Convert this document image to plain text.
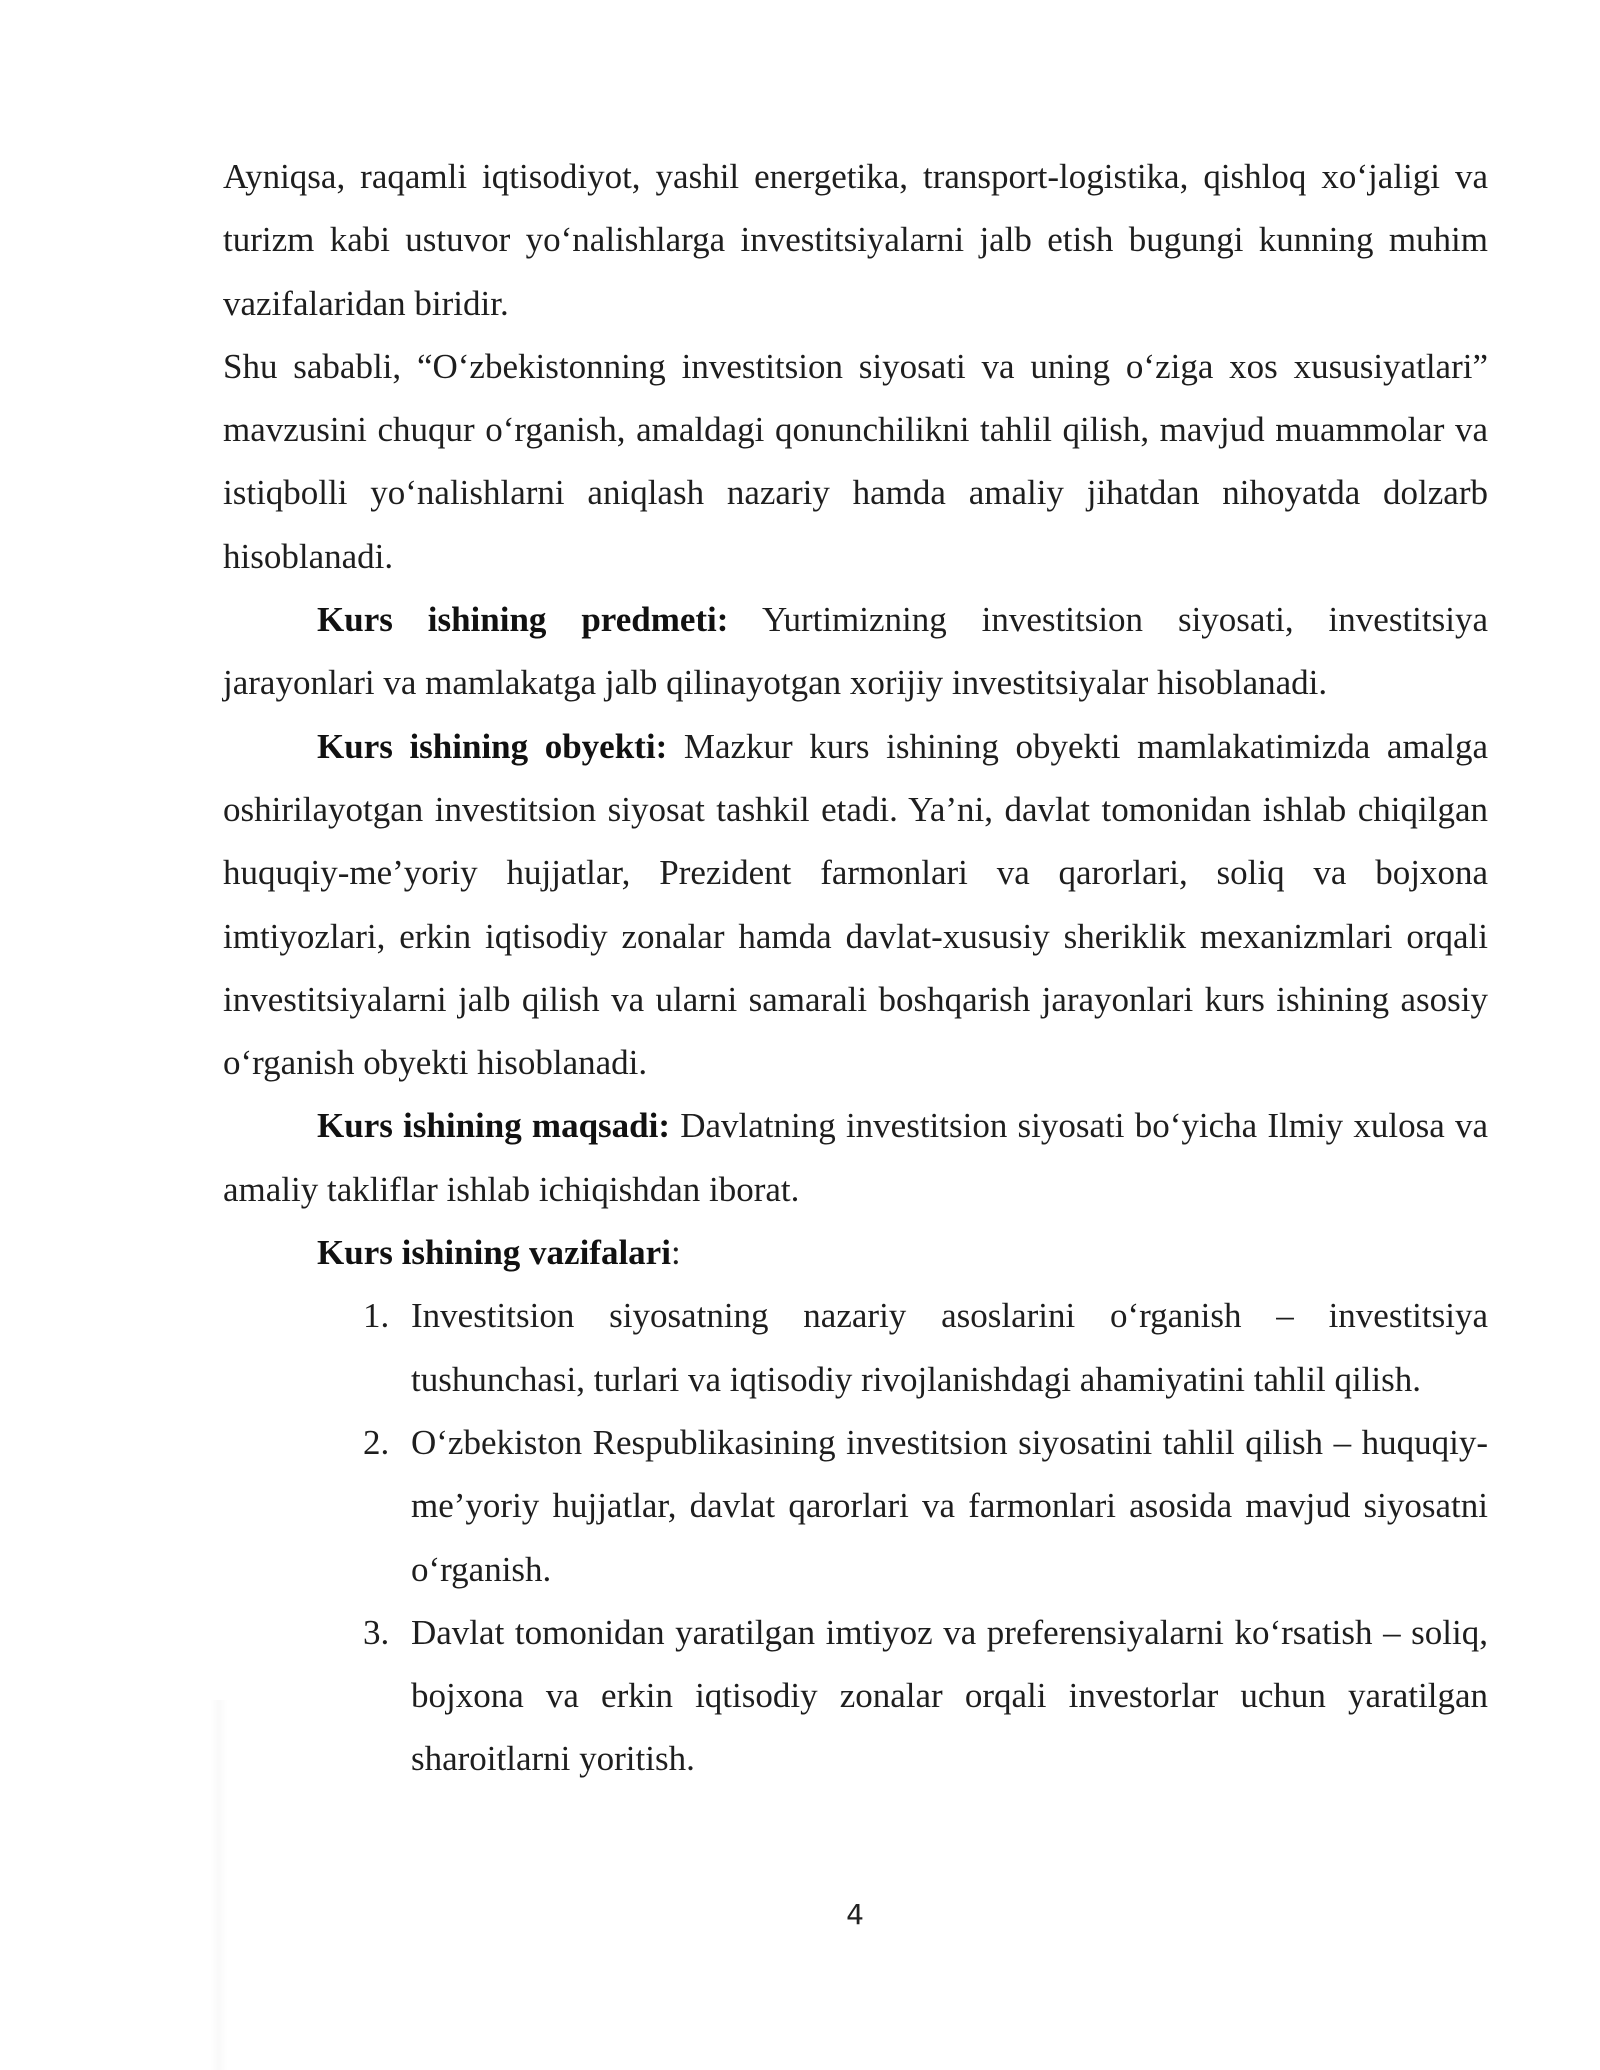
Ayniqsa, raqamli iqtisodiyot, yashil energetika, transport-logistika, qishloq xo‘jaligi va turizm kabi ustuvor yo‘nalishlarga investitsiyalarni jalb etish bugungi kunning muhim vazifalaridan biridir.

Shu sababli, “O‘zbekistonning investitsion siyosati va uning o‘ziga xos xususiyatlari” mavzusini chuqur o‘rganish, amaldagi qonunchilikni tahlil qilish, mavjud muammolar va istiqbolli yo‘nalishlarni aniqlash nazariy hamda amaliy jihatdan nihoyatda dolzarb hisoblanadi.

Kurs ishining predmeti: Yurtimizning investitsion siyosati, investitsiya jarayonlari va mamlakatga jalb qilinayotgan xorijiy investitsiyalar hisoblanadi.

Kurs ishining obyekti: Mazkur kurs ishining obyekti mamlakatimizda amalga oshirilayotgan investitsion siyosat tashkil etadi. Ya’ni, davlat tomonidan ishlab chiqilgan huquqiy-me’yoriy hujjatlar, Prezident farmonlari va qarorlari, soliq va bojxona imtiyozlari, erkin iqtisodiy zonalar hamda davlat-xususiy sheriklik mexanizmlari orqali investitsiyalarni jalb qilish va ularni samarali boshqarish jarayonlari kurs ishining asosiy o‘rganish obyekti hisoblanadi.

Kurs ishining maqsadi: Davlatning investitsion siyosati bo‘yicha Ilmiy xulosa va amaliy takliflar ishlab ichiqishdan iborat.

Kurs ishining vazifalari:

1. Investitsion siyosatning nazariy asoslarini o‘rganish – investitsiya tushunchasi, turlari va iqtisodiy rivojlanishdagi ahamiyatini tahlil qilish.
2. O‘zbekiston Respublikasining investitsion siyosatini tahlil qilish – huquqiy-me’yoriy hujjatlar, davlat qarorlari va farmonlari asosida mavjud siyosatni o‘rganish.
3. Davlat tomonidan yaratilgan imtiyoz va preferensiyalarni ko‘rsatish – soliq, bojxona va erkin iqtisodiy zonalar orqali investorlar uchun yaratilgan sharoitlarni yoritish.
4
